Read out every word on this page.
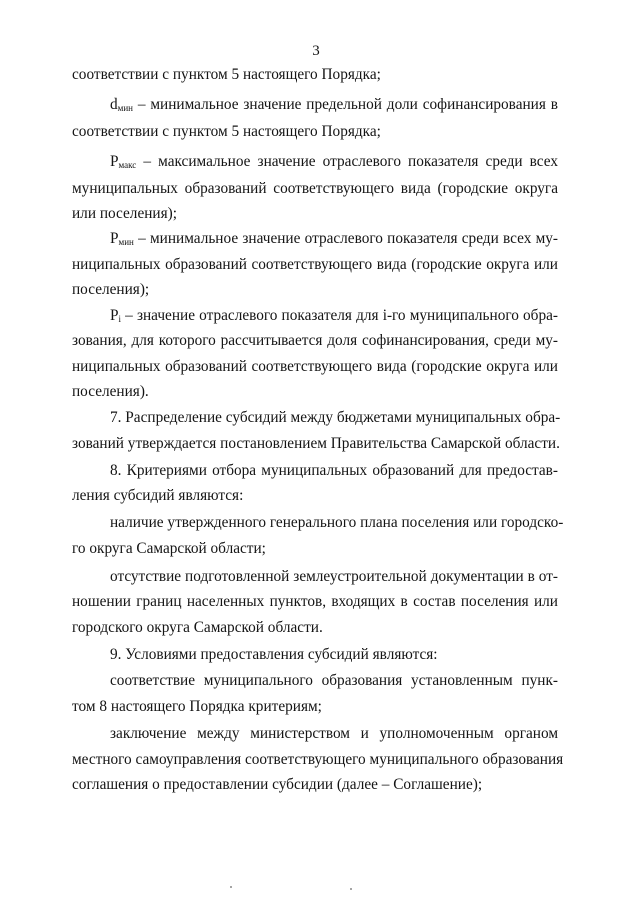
3
соответствии с пунктом 5 настоящего Порядка;
$d_{мин}$ – минимальное значение предельной доли софинансирования в
соответствии с пунктом 5 настоящего Порядка;
$P_{макс}$ – максимальное значение отраслевого показателя среди всех
муниципальных образований соответствующего вида (городские округа
или поселения);
$P_{мин}$ – минимальное значение отраслевого показателя среди всех му-
ниципальных образований соответствующего вида (городские округа или
поселения);
$P_i$ – значение отраслевого показателя для i-го муниципального обра-
зования, для которого рассчитывается доля софинансирования, среди му-
ниципальных образований соответствующего вида (городские округа или
поселения).
7. Распределение субсидий между бюджетами муниципальных обра-
зований утверждается постановлением Правительства Самарской области.
8. Критериями отбора муниципальных образований для предостав-
ления субсидий являются:
наличие утвержденного генерального плана поселения или городско-
го округа Самарской области;
отсутствие подготовленной землеустроительной документации в от-
ношении границ населенных пунктов, входящих в состав поселения или
городского округа Самарской области.
9. Условиями предоставления субсидий являются:
соответствие муниципального образования установленным пунк-
том 8 настоящего Порядка критериям;
заключение между министерством и уполномоченным органом
местного самоуправления соответствующего муниципального образования
соглашения о предоставлении субсидии (далее – Соглашение);
